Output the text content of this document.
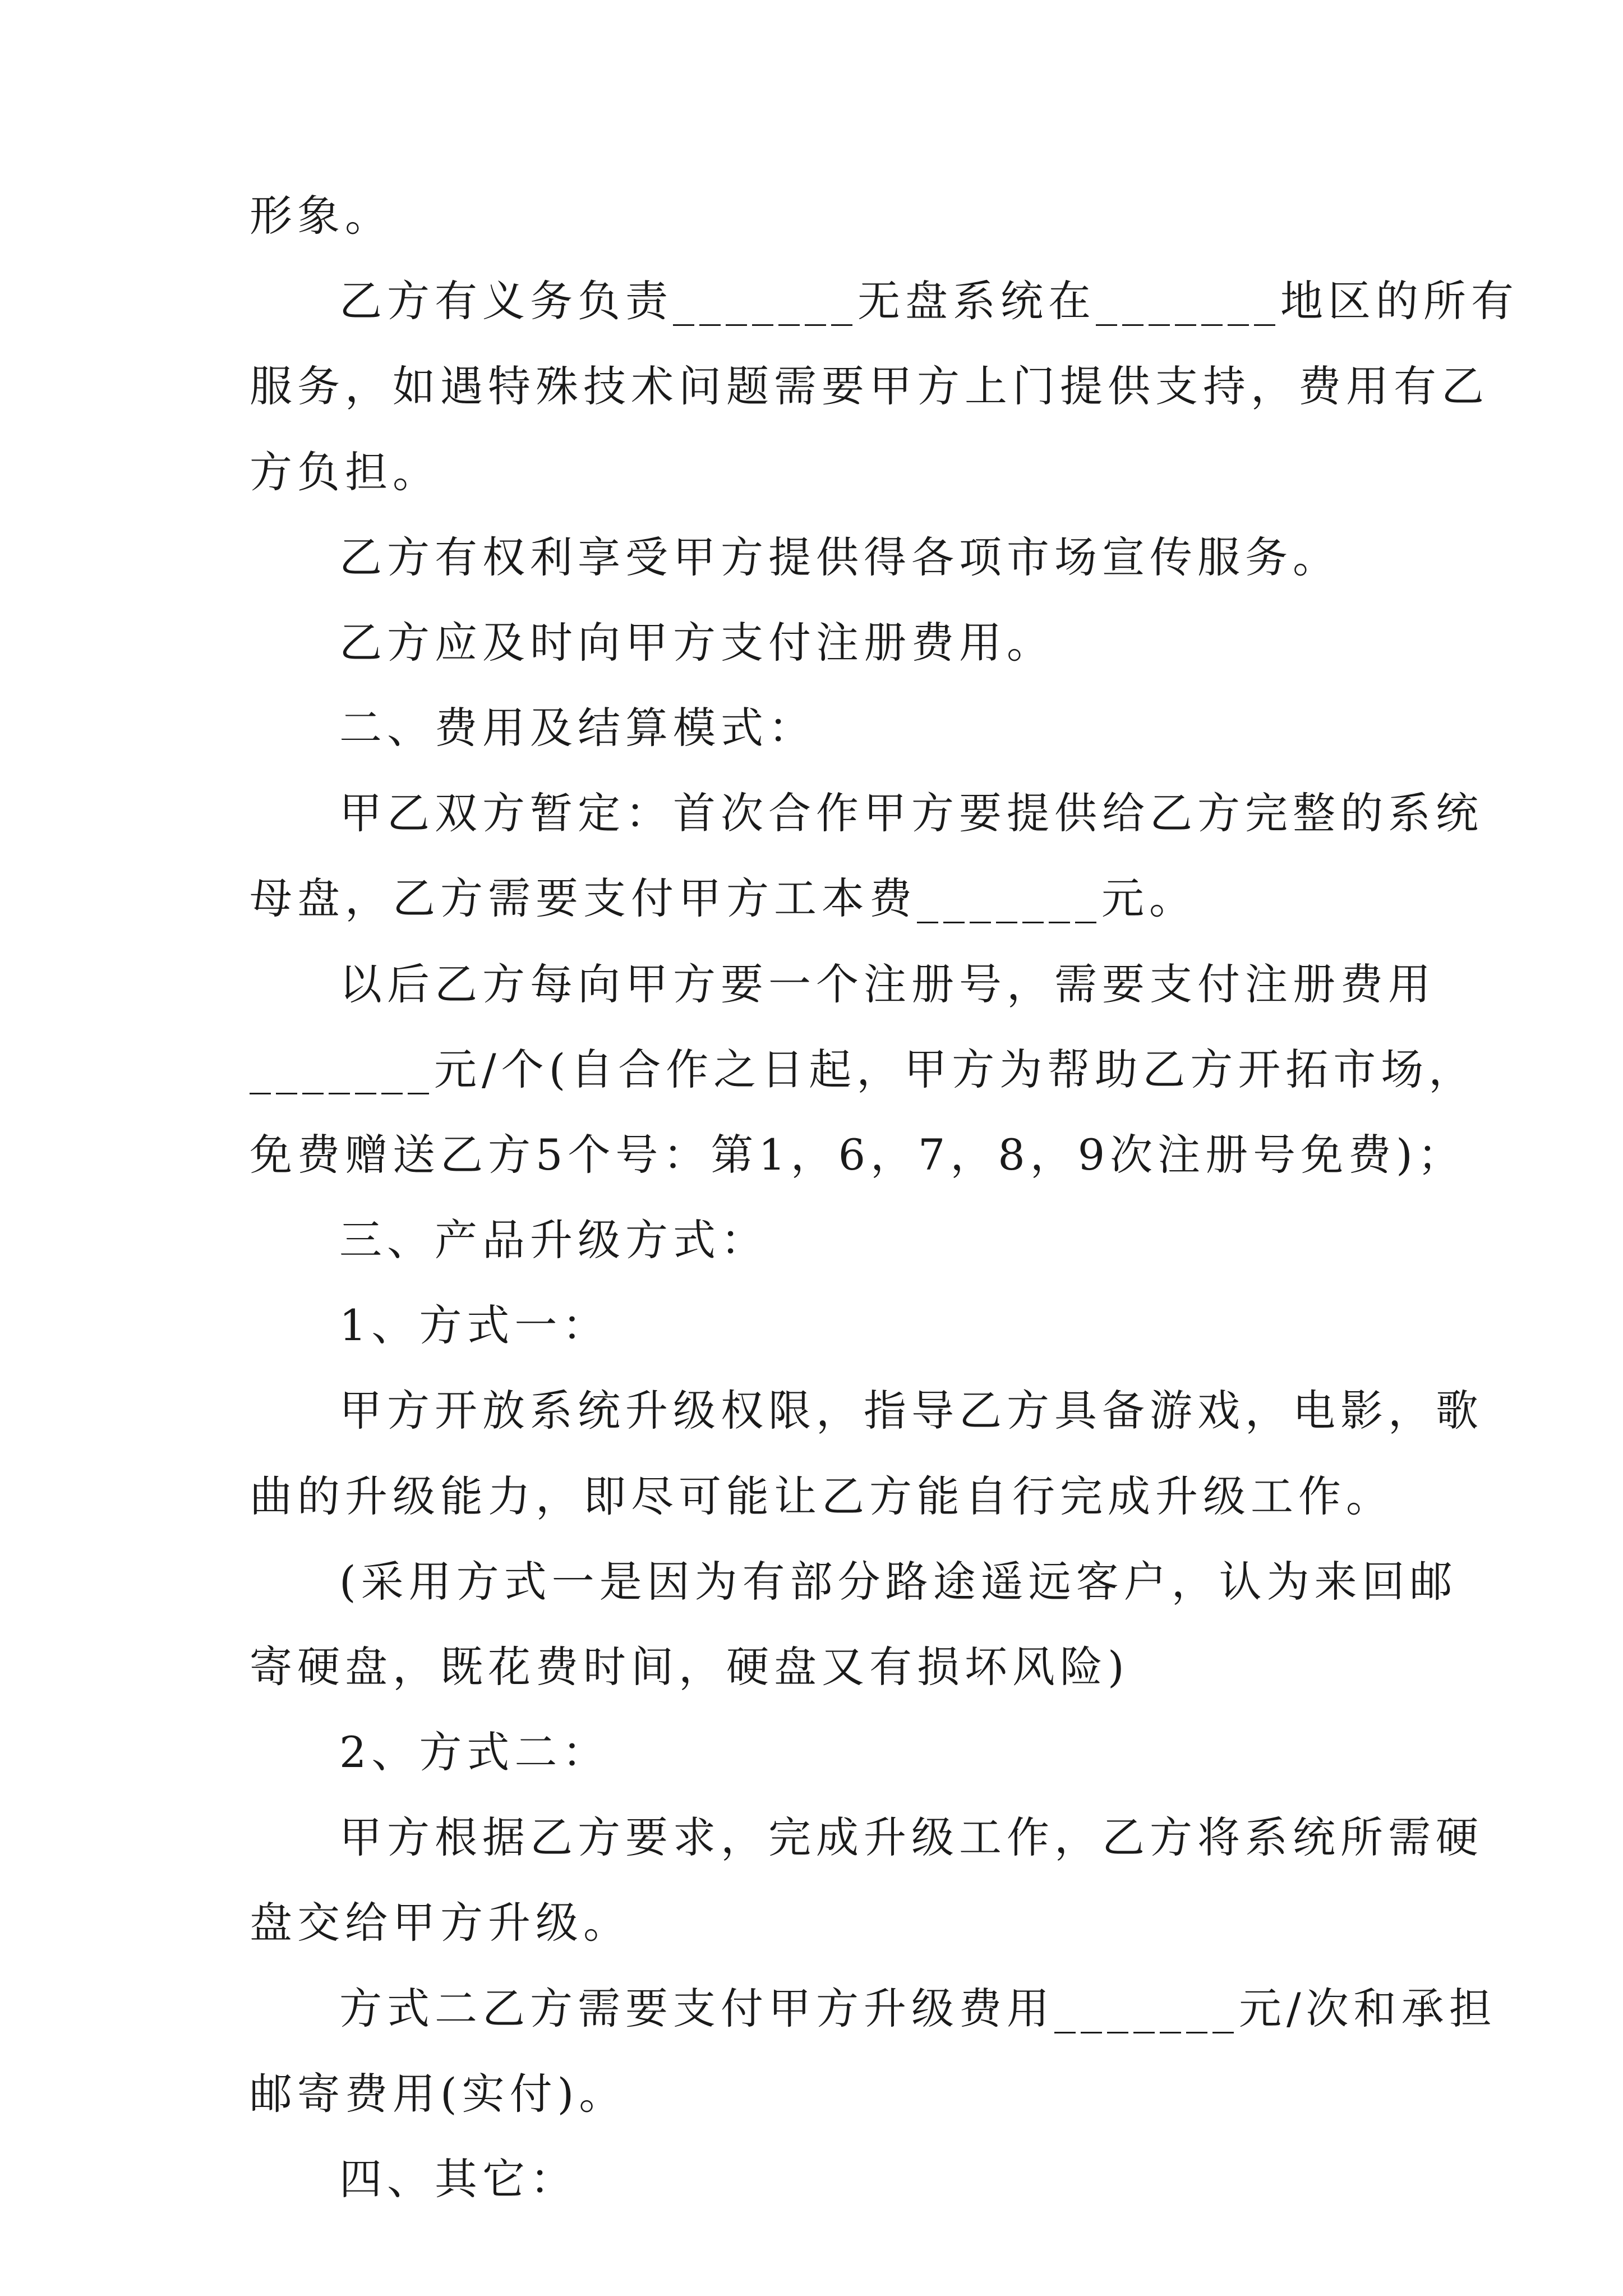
形象。
乙方有义务负责_______无盘系统在_______地区的所有
服务，如遇特殊技术问题需要甲方上门提供支持，费用有乙
方负担。
乙方有权利享受甲方提供得各项市场宣传服务。
乙方应及时向甲方支付注册费用。
二、费用及结算模式：
甲乙双方暂定：首次合作甲方要提供给乙方完整的系统
母盘，乙方需要支付甲方工本费_______元。
以后乙方每向甲方要一个注册号，需要支付注册费用
_______元/个(自合作之日起，甲方为帮助乙方开拓市场，
免费赠送乙方5个号：第1，6，7，8，9次注册号免费)；
三、产品升级方式：
1、方式一：
甲方开放系统升级权限，指导乙方具备游戏，电影，歌
曲的升级能力，即尽可能让乙方能自行完成升级工作。
(采用方式一是因为有部分路途遥远客户，认为来回邮
寄硬盘，既花费时间，硬盘又有损坏风险)
2、方式二：
甲方根据乙方要求，完成升级工作，乙方将系统所需硬
盘交给甲方升级。
方式二乙方需要支付甲方升级费用_______元/次和承担
邮寄费用(实付)。
四、其它：
